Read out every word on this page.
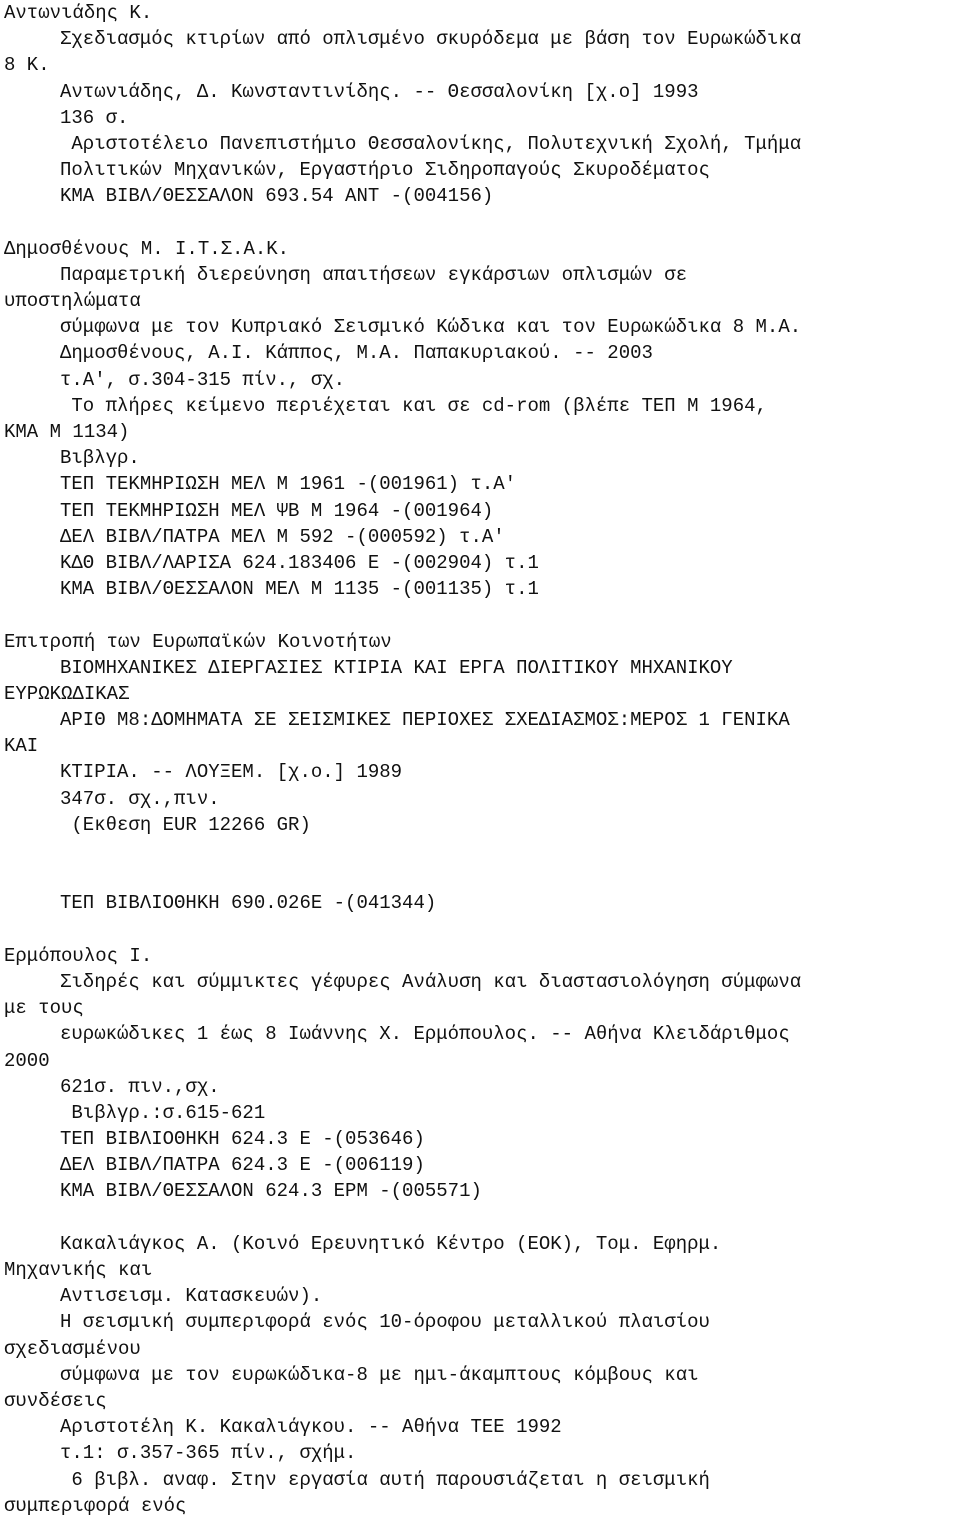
Αντωνιάδης Κ.
Σχεδιασμός κτιρίων από οπλισμένο σκυρόδεμα με βάση τον Ευρωκώδικα
8 Κ.
Αντωνιάδης, Δ. Κωνσταντινίδης. -- Θεσσαλονίκη [χ.ο] 1993
136 σ.
Αριστοτέλειο Πανεπιστήμιο Θεσσαλονίκης, Πολυτεχνική Σχολή, Τμήμα
Πολιτικών Μηχανικών, Εργαστήριο Σιδηροπαγούς Σκυροδέματος
ΚΜΑ ΒΙΒΛ/ΘΕΣΣΑΛΟΝ 693.54 ΑΝΤ -(004156)
Δημοσθένους Μ. Ι.Τ.Σ.Α.Κ.
Παραμετρική διερεύνηση απαιτήσεων εγκάρσιων οπλισμών σε
υποστηλώματα
σύμφωνα με τον Κυπριακό Σεισμικό Κώδικα και τον Ευρωκώδικα 8 Μ.Α.
Δημοσθένους, Α.Ι. Κάππος, Μ.Α. Παπακυριακού. -- 2003
τ.Α', σ.304-315 πίν., σχ.
Το πλήρες κείμενο περιέχεται και σε cd-rom (βλέπε ΤΕΠ Μ 1964,
ΚΜΑ Μ 1134)
Βιβλγρ.
ΤΕΠ ΤΕΚΜΗΡΙΩΣΗ ΜΕΛ Μ 1961 -(001961) τ.Α'
ΤΕΠ ΤΕΚΜΗΡΙΩΣΗ ΜΕΛ ΨΒ Μ 1964 -(001964)
ΔΕΛ ΒΙΒΛ/ΠΑΤΡΑ ΜΕΛ Μ 592 -(000592) τ.Α'
ΚΔΘ ΒΙΒΛ/ΛΑΡΙΣΑ 624.183406 Ε -(002904) τ.1
ΚΜΑ ΒΙΒΛ/ΘΕΣΣΑΛΟΝ ΜΕΛ Μ 1135 -(001135) τ.1
Επιτροπή των Ευρωπαϊκών Κοινοτήτων
ΒΙΟΜΗΧΑΝΙΚΕΣ ΔΙΕΡΓΑΣΙΕΣ ΚΤΙΡΙΑ ΚΑΙ ΕΡΓΑ ΠΟΛΙΤΙΚΟΥ ΜΗΧΑΝΙΚΟΥ
ΕΥΡΩΚΩΔΙΚΑΣ
ΑΡΙΘ Μ8:ΔΟΜΗΜΑΤΑ ΣΕ ΣΕΙΣΜΙΚΕΣ ΠΕΡΙΟΧΕΣ ΣΧΕΔΙΑΣΜΟΣ:ΜΕΡΟΣ 1 ΓΕΝΙΚΑ
ΚΑΙ
ΚΤΙΡΙΑ. -- ΛΟΥΞΕΜ. [χ.ο.] 1989
347σ. σχ.,πιν.
(Εκθεση EUR 12266 GR)
ΤΕΠ ΒΙΒΛΙΟΘΗΚΗ 690.026Ε -(041344)
Ερμόπουλος Ι.
Σιδηρές και σύμμικτες γέφυρες Ανάλυση και διαστασιολόγηση σύμφωνα
με τους
ευρωκώδικες 1 έως 8 Ιωάννης Χ. Ερμόπουλος. -- Αθήνα Κλειδάριθμος
2000
621σ. πιν.,σχ.
Βιβλγρ.:σ.615-621
ΤΕΠ ΒΙΒΛΙΟΘΗΚΗ 624.3 Ε -(053646)
ΔΕΛ ΒΙΒΛ/ΠΑΤΡΑ 624.3 Ε -(006119)
ΚΜΑ ΒΙΒΛ/ΘΕΣΣΑΛΟΝ 624.3 ΕΡΜ -(005571)
Κακαλιάγκος Α. (Κοινό Ερευνητικό Κέντρο (ΕΟΚ), Τομ. Εφηρμ.
Μηχανικής και
Αντισεισμ. Κατασκευών).
Η σεισμική συμπεριφορά ενός 10-όροφου μεταλλικού πλαισίου
σχεδιασμένου
σύμφωνα με τον ευρωκώδικα-8 με ημι-άκαμπτους κόμβους και
συνδέσεις
Αριστοτέλη Κ. Κακαλιάγκου. -- Αθήνα ΤΕΕ 1992
τ.1: σ.357-365 πίν., σχήμ.
6 βιβλ. αναφ. Στην εργασία αυτή παρουσιάζεται η σεισμική
συμπεριφορά ενός
